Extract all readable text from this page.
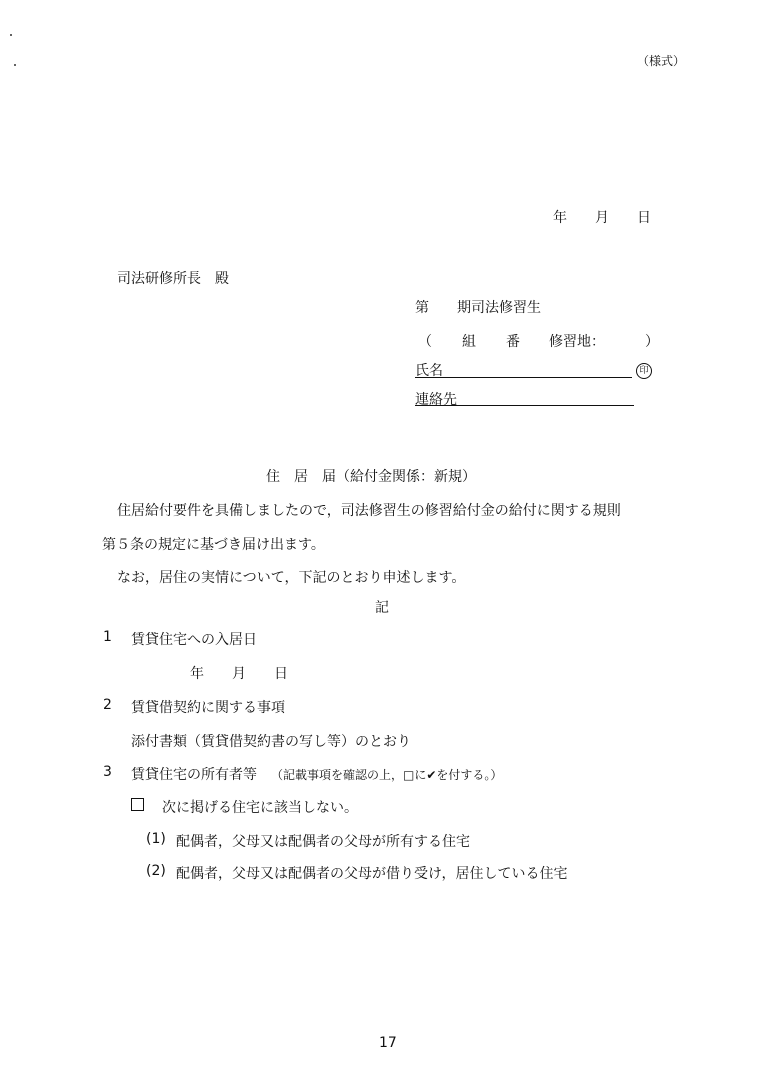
（様式）
年　　月　　日
司法研修所長　殿
第　　期司法修習生
（ 組 番 修習地：	）
氏名	印
連絡先
住　居　届（給付金関係：新規）
住居給付要件を具備しましたので，司法修習生の修習給付金の給付に関する規則
第５条の規定に基づき届け出ます。
なお，居住の実情について，下記のとおり申述します。
記
1 賃貸住宅への入居日
年　　月　　日
2 賃貸借契約に関する事項
添付書類（賃貸借契約書の写し等）のとおり
3 賃貸住宅の所有者等 （記載事項を確認の上，□に✔を付する。）
次に掲げる住宅に該当しない。
(1) 配偶者，父母又は配偶者の父母が所有する住宅
(2) 配偶者，父母又は配偶者の父母が借り受け，居住している住宅
17
